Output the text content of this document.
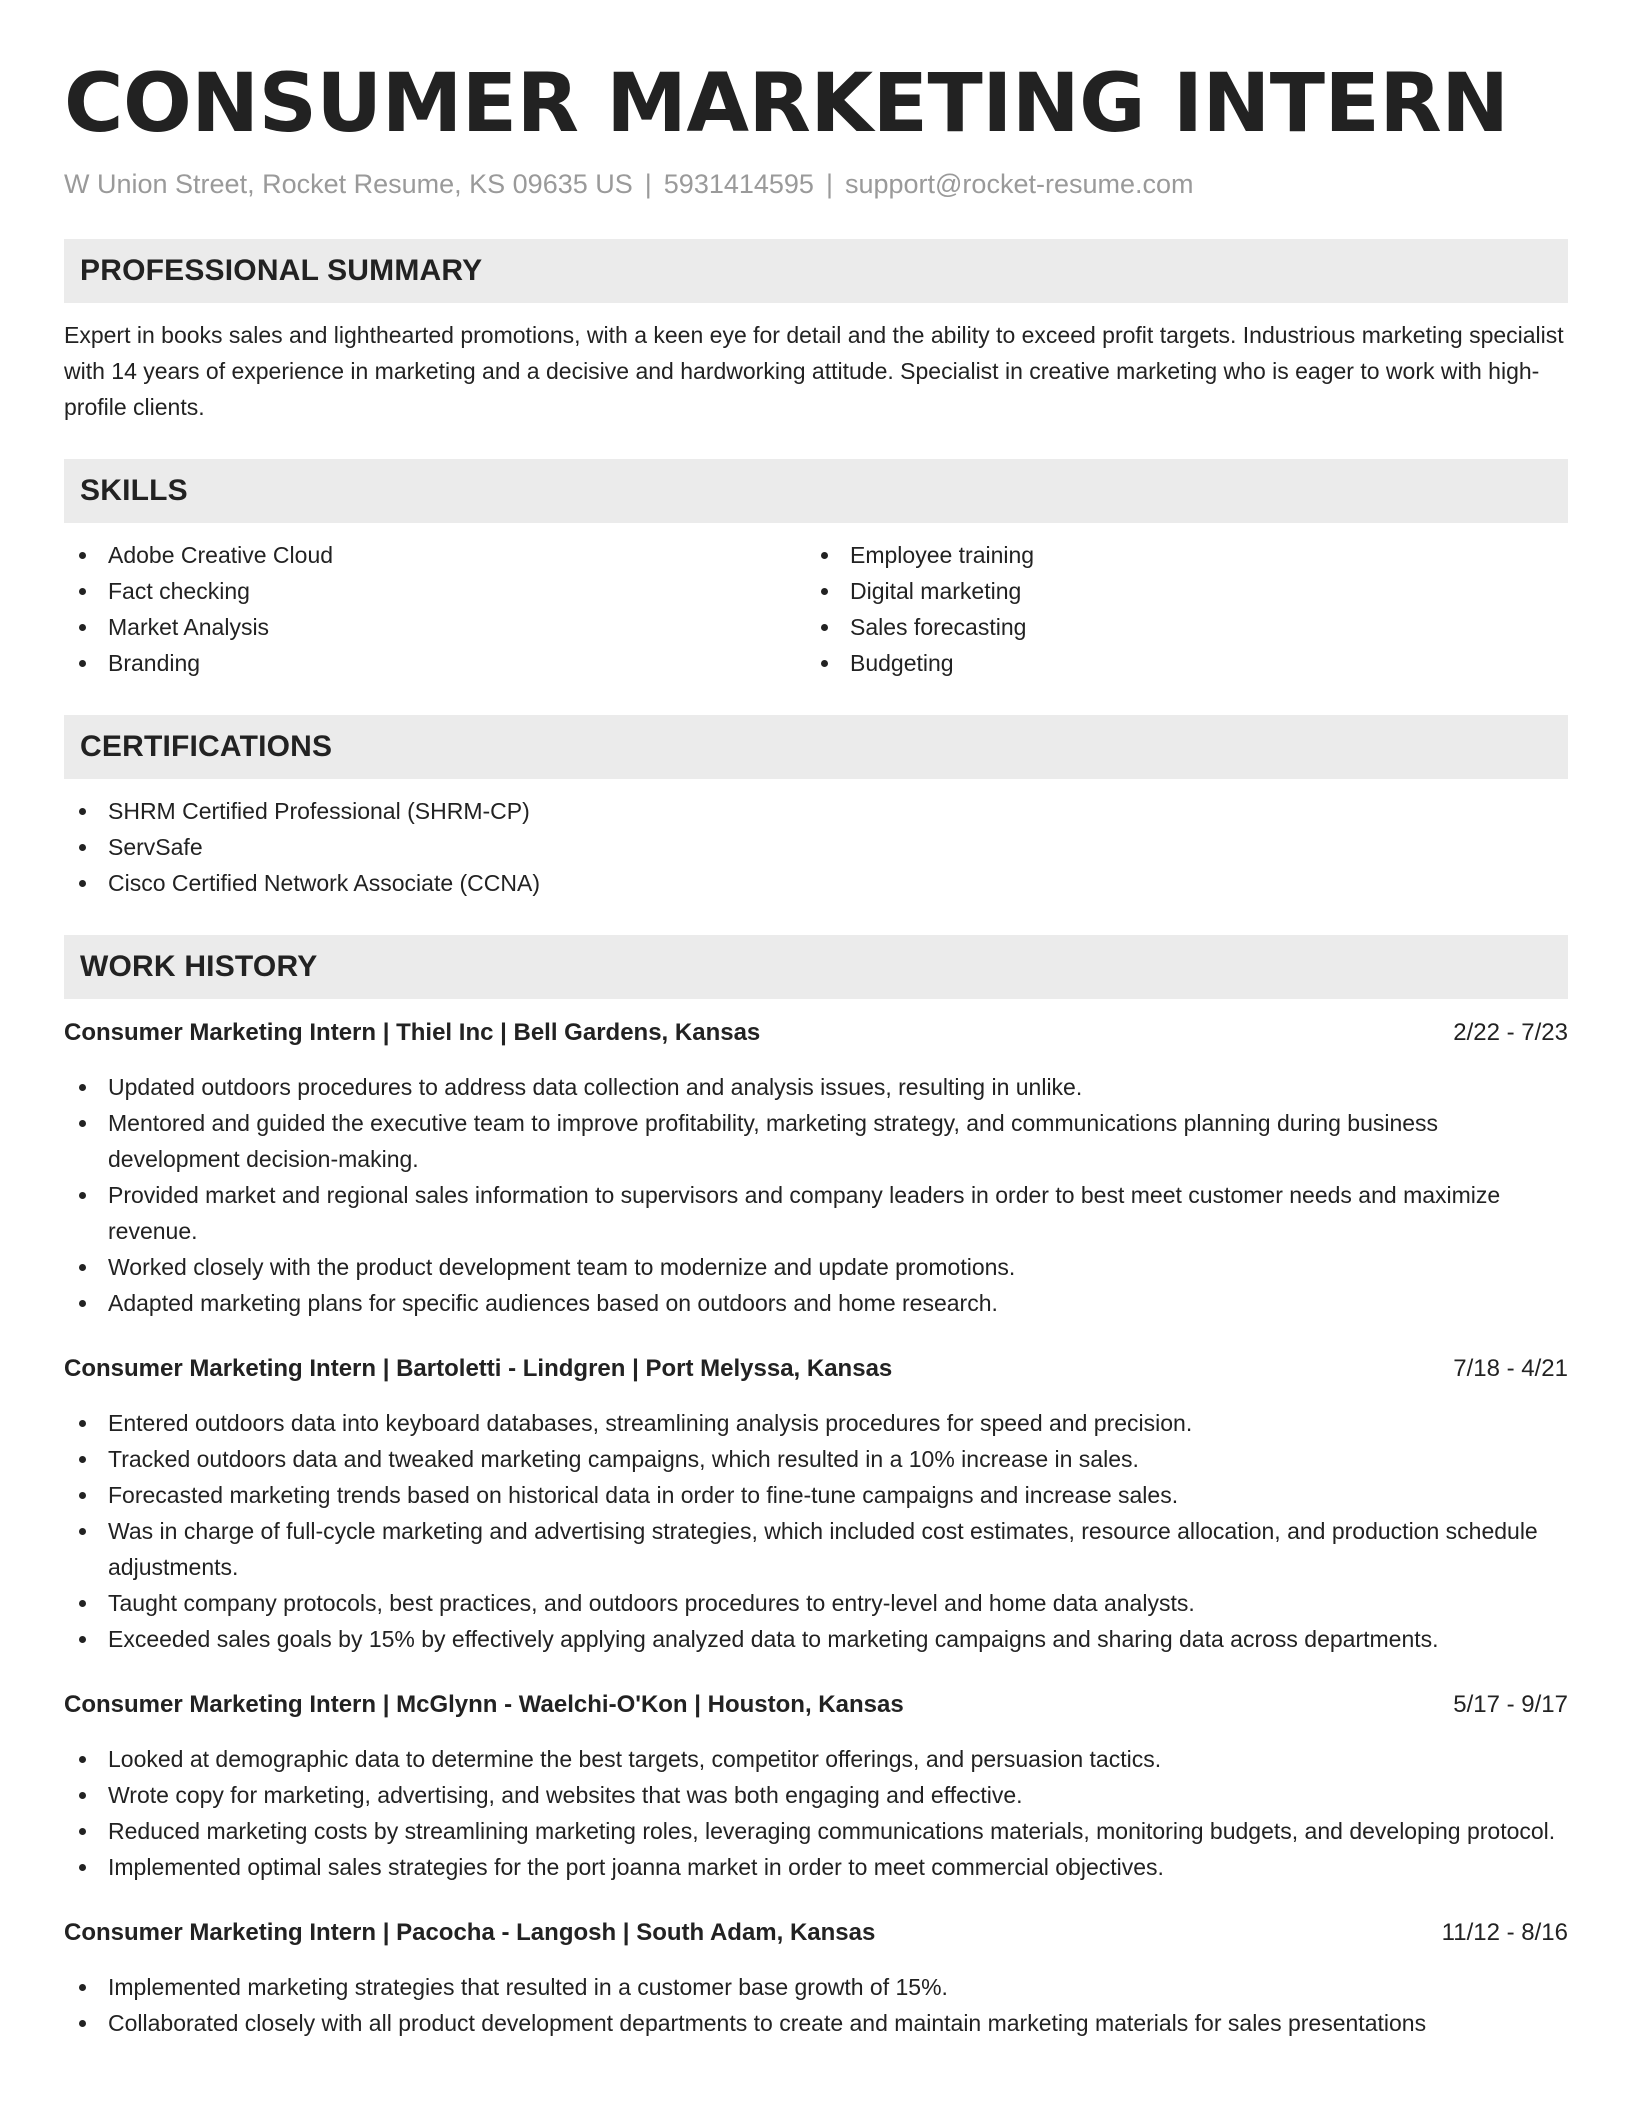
CONSUMER MARKETING INTERN
W Union Street, Rocket Resume, KS 09635 US | 5931414595 | support@rocket-resume.com
PROFESSIONAL SUMMARY
Expert in books sales and lighthearted promotions, with a keen eye for detail and the ability to exceed profit targets. Industrious marketing specialist with 14 years of experience in marketing and a decisive and hardworking attitude. Specialist in creative marketing who is eager to work with high-profile clients.
SKILLS
Adobe Creative Cloud
Fact checking
Market Analysis
Branding
Employee training
Digital marketing
Sales forecasting
Budgeting
CERTIFICATIONS
SHRM Certified Professional (SHRM-CP)
ServSafe
Cisco Certified Network Associate (CCNA)
WORK HISTORY
Consumer Marketing Intern | Thiel Inc | Bell Gardens, Kansas	2/22 - 7/23
Updated outdoors procedures to address data collection and analysis issues, resulting in unlike.
Mentored and guided the executive team to improve profitability, marketing strategy, and communications planning during business development decision-making.
Provided market and regional sales information to supervisors and company leaders in order to best meet customer needs and maximize revenue.
Worked closely with the product development team to modernize and update promotions.
Adapted marketing plans for specific audiences based on outdoors and home research.
Consumer Marketing Intern | Bartoletti - Lindgren | Port Melyssa, Kansas	7/18 - 4/21
Entered outdoors data into keyboard databases, streamlining analysis procedures for speed and precision.
Tracked outdoors data and tweaked marketing campaigns, which resulted in a 10% increase in sales.
Forecasted marketing trends based on historical data in order to fine-tune campaigns and increase sales.
Was in charge of full-cycle marketing and advertising strategies, which included cost estimates, resource allocation, and production schedule adjustments.
Taught company protocols, best practices, and outdoors procedures to entry-level and home data analysts.
Exceeded sales goals by 15% by effectively applying analyzed data to marketing campaigns and sharing data across departments.
Consumer Marketing Intern | McGlynn - Waelchi-O'Kon | Houston, Kansas	5/17 - 9/17
Looked at demographic data to determine the best targets, competitor offerings, and persuasion tactics.
Wrote copy for marketing, advertising, and websites that was both engaging and effective.
Reduced marketing costs by streamlining marketing roles, leveraging communications materials, monitoring budgets, and developing protocol.
Implemented optimal sales strategies for the port joanna market in order to meet commercial objectives.
Consumer Marketing Intern | Pacocha - Langosh | South Adam, Kansas	11/12 - 8/16
Implemented marketing strategies that resulted in a customer base growth of 15%.
Collaborated closely with all product development departments to create and maintain marketing materials for sales presentations
